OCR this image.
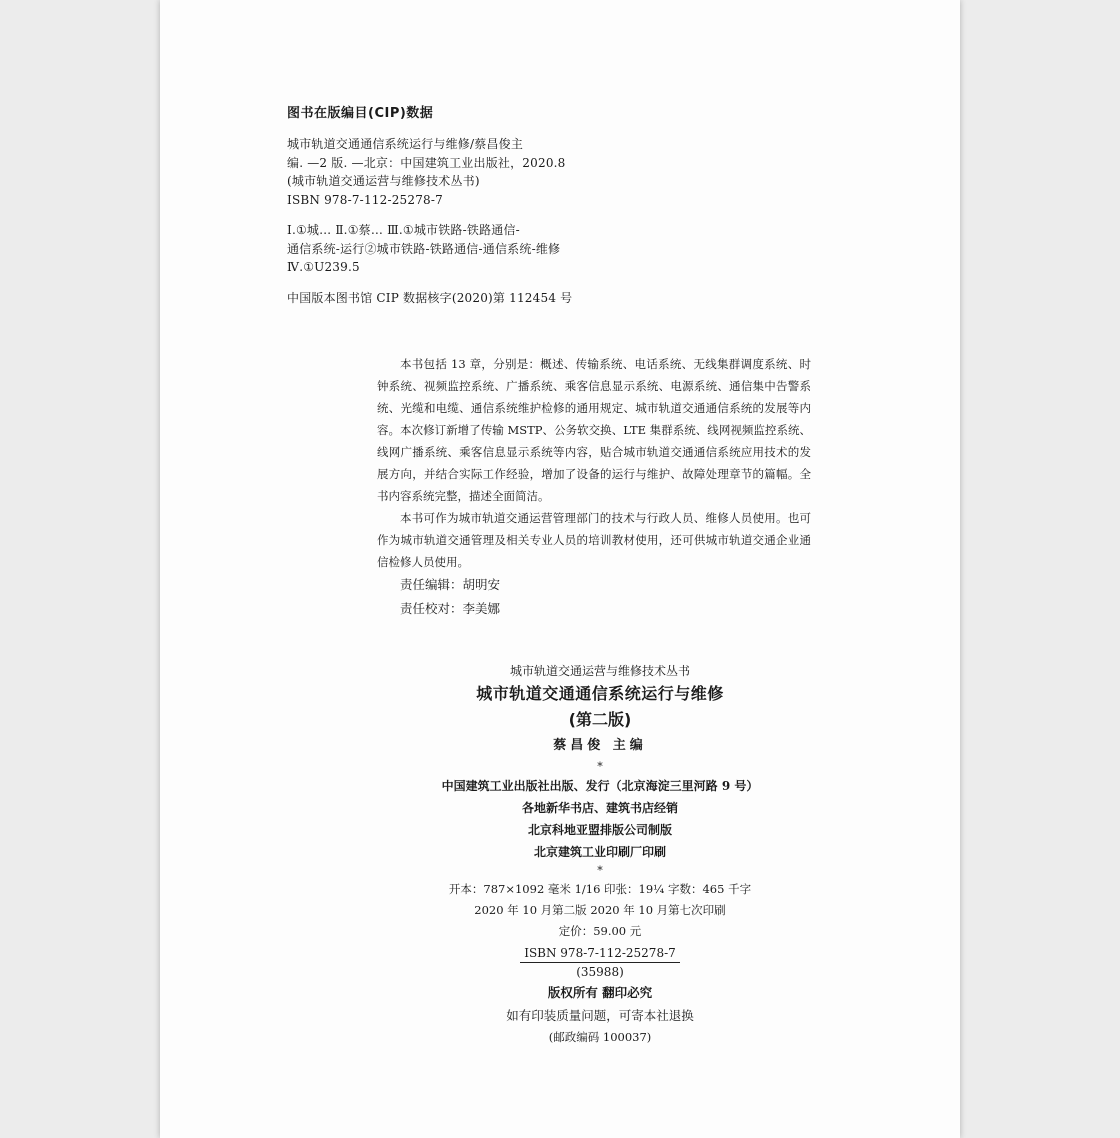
图书在版编目(CIP)数据
城市轨道交通通信系统运行与维修/蔡昌俊主
编. —2 版. —北京：中国建筑工业出版社，2020.8
(城市轨道交通运营与维修技术丛书)
ISBN 978-7-112-25278-7
Ⅰ.①城… Ⅱ.①蔡… Ⅲ.①城市铁路-铁路通信-
通信系统-运行②城市铁路-铁路通信-通信系统-维修
Ⅳ.①U239.5
中国版本图书馆 CIP 数据核字(2020)第 112454 号

本书包括 13 章，分别是：概述、传输系统、电话系统、无线集群调度系统、时钟系统、视频监控系统、广播系统、乘客信息显示系统、电源系统、通信集中告警系统、光缆和电缆、通信系统维护检修的通用规定、城市轨道交通通信系统的发展等内容。本次修订新增了传输 MSTP、公务软交换、LTE 集群系统、线网视频监控系统、线网广播系统、乘客信息显示系统等内容，贴合城市轨道交通通信系统应用技术的发展方向，并结合实际工作经验，增加了设备的运行与维护、故障处理章节的篇幅。全书内容系统完整，描述全面简洁。

本书可作为城市轨道交通运营管理部门的技术与行政人员、维修人员使用。也可作为城市轨道交通管理及相关专业人员的培训教材使用，还可供城市轨道交通企业通信检修人员使用。

责任编辑：胡明安
责任校对：李美娜
城市轨道交通运营与维修技术丛书
城市轨道交通通信系统运行与维修
(第二版)
蔡昌俊 主编
*
中国建筑工业出版社出版、发行（北京海淀三里河路 9 号）
各地新华书店、建筑书店经销
北京科地亚盟排版公司制版
北京建筑工业印刷厂印刷
*
开本：787×1092 毫米 1/16 印张：19¼ 字数：465 千字
2020 年 10 月第二版 2020 年 10 月第七次印刷
定价：59.00 元
ISBN 978-7-112-25278-7
(35988)
版权所有 翻印必究
如有印装质量问题，可寄本社退换
(邮政编码 100037)
